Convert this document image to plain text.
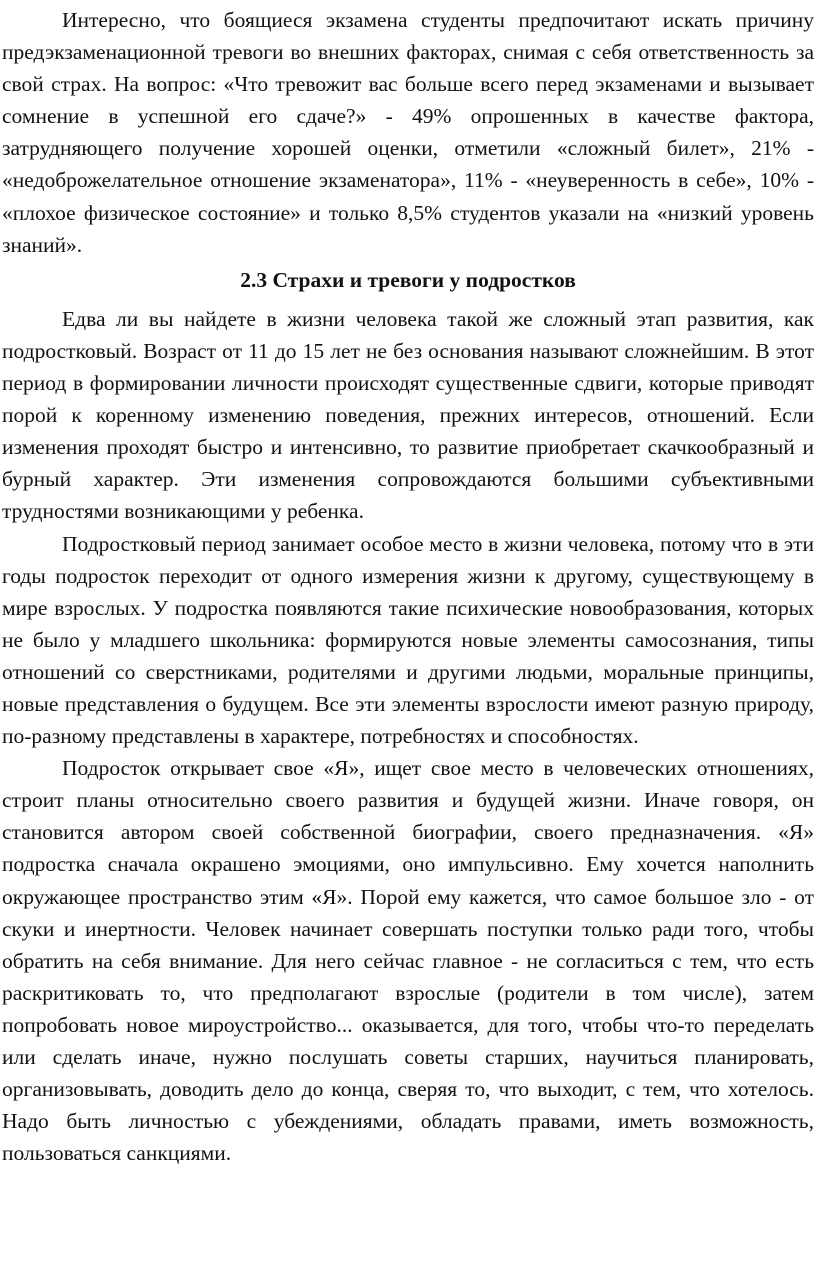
Интересно, что боящиеся экзамена студенты предпочитают искать причину предэкзаменационной тревоги во внешних факторах, снимая с себя ответственность за свой страх. На вопрос: «Что тревожит вас больше всего перед экзаменами и вызывает сомнение в успешной его сдаче?» - 49% опрошенных в качестве фактора, затрудняющего получение хорошей оценки, отметили «сложный билет», 21% - «недоброжелательное отношение экзаменатора», 11% - «неуверенность в себе», 10% - «плохое физическое состояние» и только 8,5% студентов указали на «низкий уровень знаний».

2.3 Страхи и тревоги у подростков

Едва ли вы найдете в жизни человека такой же сложный этап развития, как подростковый. Возраст от 11 до 15 лет не без основания называют сложнейшим. В этот период в формировании личности происходят существенные сдвиги, которые приводят порой к коренному изменению поведения, прежних интересов, отношений. Если изменения проходят быстро и интенсивно, то развитие приобретает скачкообразный и бурный характер. Эти изменения сопровождаются большими субъективными трудностями возникающими у ребенка.

Подростковый период занимает особое место в жизни человека, потому что в эти годы подросток переходит от одного измерения жизни к другому, существующему в мире взрослых. У подростка появляются такие психические новообразования, которых не было у младшего школьника: формируются новые элементы самосознания, типы отношений со сверстниками, родителями и другими людьми, моральные принципы, новые представления о будущем. Все эти элементы взрослости имеют разную природу, по-разному представлены в характере, потребностях и способностях.

Подросток открывает свое «Я», ищет свое место в человеческих отношениях, строит планы относительно своего развития и будущей жизни. Иначе говоря, он становится автором своей собственной биографии, своего предназначения. «Я» подростка сначала окрашено эмоциями, оно импульсивно. Ему хочется наполнить окружающее пространство этим «Я». Порой ему кажется, что самое большое зло - от скуки и инертности. Человек начинает совершать поступки только ради того, чтобы обратить на себя внимание. Для него сейчас главное - не согласиться с тем, что есть раскритиковать то, что предполагают взрослые (родители в том числе), затем попробовать новое мироустройство... оказывается, для того, чтобы что-то переделать или сделать иначе, нужно послушать советы старших, научиться планировать, организовывать, доводить дело до конца, сверяя то, что выходит, с тем, что хотелось. Надо быть личностью с убеждениями, обладать правами, иметь возможность, пользоваться санкциями.
